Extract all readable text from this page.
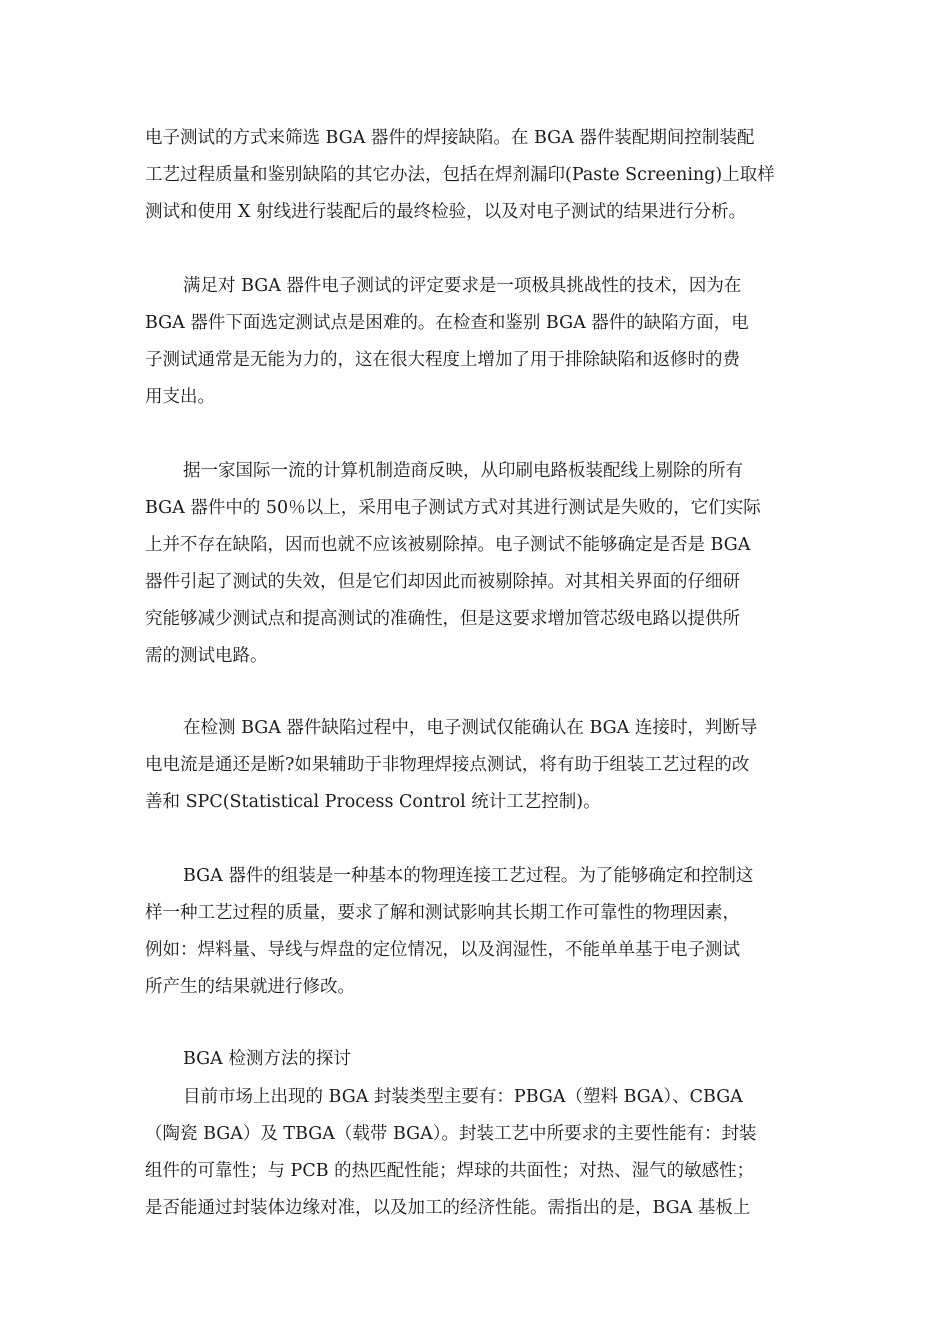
电子测试的方式来筛选 BGA 器件的焊接缺陷。在 BGA 器件装配期间控制装配
工艺过程质量和鉴别缺陷的其它办法，包括在焊剂漏印(Paste Screening)上取样
测试和使用 X 射线进行装配后的最终检验，以及对电子测试的结果进行分析。
满足对 BGA 器件电子测试的评定要求是一项极具挑战性的技术，因为在
BGA 器件下面选定测试点是困难的。在检查和鉴别 BGA 器件的缺陷方面，电
子测试通常是无能为力的，这在很大程度上增加了用于排除缺陷和返修时的费
用支出。
据一家国际一流的计算机制造商反映，从印刷电路板装配线上剔除的所有
BGA 器件中的 50％以上，采用电子测试方式对其进行测试是失败的，它们实际
上并不存在缺陷，因而也就不应该被剔除掉。电子测试不能够确定是否是 BGA
器件引起了测试的失效，但是它们却因此而被剔除掉。对其相关界面的仔细研
究能够减少测试点和提高测试的准确性，但是这要求增加管芯级电路以提供所
需的测试电路。
在检测 BGA 器件缺陷过程中，电子测试仅能确认在 BGA 连接时，判断导
电电流是通还是断?如果辅助于非物理焊接点测试，将有助于组装工艺过程的改
善和 SPC(Statistical Process Control 统计工艺控制)。
BGA 器件的组装是一种基本的物理连接工艺过程。为了能够确定和控制这
样一种工艺过程的质量，要求了解和测试影响其长期工作可靠性的物理因素，
例如：焊料量、导线与焊盘的定位情况，以及润湿性，不能单单基于电子测试
所产生的结果就进行修改。
BGA 检测方法的探讨
目前市场上出现的 BGA 封装类型主要有：PBGA（塑料 BGA）、CBGA
（陶瓷 BGA）及 TBGA（载带 BGA）。封装工艺中所要求的主要性能有：封装
组件的可靠性；与 PCB 的热匹配性能；焊球的共面性；对热、湿气的敏感性；
是否能通过封装体边缘对准，以及加工的经济性能。需指出的是，BGA 基板上
